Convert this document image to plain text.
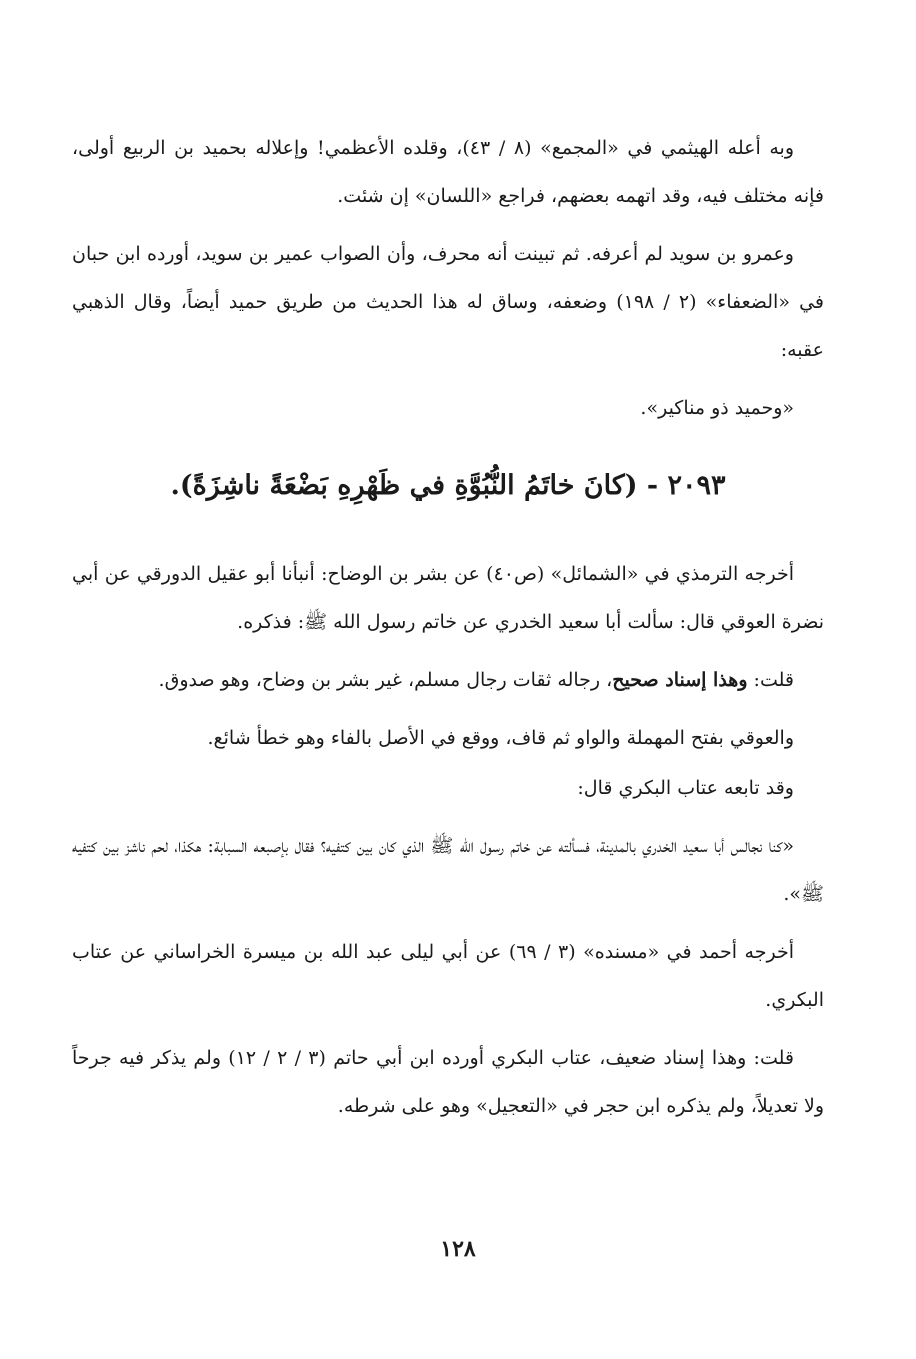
وبه أعله الهيثمي في «المجمع» (٨ / ٤٣)، وقلده الأعظمي! وإعلاله بحميد بن الربيع أولى، فإنه مختلف فيه، وقد اتهمه بعضهم، فراجع «اللسان» إن شئت.

وعمرو بن سويد لم أعرفه. ثم تبينت أنه محرف، وأن الصواب عمير بن سويد، أورده ابن حبان في «الضعفاء» (٢ / ١٩٨) وضعفه، وساق له هذا الحديث من طريق حميد أيضاً، وقال الذهبي عقبه:

«وحميد ذو مناكير».

٢٠٩٣ - (كانَ خاتَمُ النُّبُوَّةِ في ظَهْرِهِ بَضْعَةً ناشِزَةً).

أخرجه الترمذي في «الشمائل» (ص٤٠) عن بشر بن الوضاح: أنبأنا أبو عقيل الدورقي عن أبي نضرة العوقي قال: سألت أبا سعيد الخدري عن خاتم رسول الله ﷺ: فذكره.

قلت: وهذا إسناد صحيح، رجاله ثقات رجال مسلم، غير بشر بن وضاح، وهو صدوق.

والعوقي بفتح المهملة والواو ثم قاف، ووقع في الأصل بالفاء وهو خطأ شائع.

وقد تابعه عتاب البكري قال:

«كنا نجالس أبا سعيد الخدري بالمدينة، فسألته عن خاتم رسول الله ﷺ الذي كان بين كتفيه؟ فقال بإصبعه السبابة: هكذا، لحم ناشز بين كتفيه ﷺ».

أخرجه أحمد في «مسنده» (٣ / ٦٩) عن أبي ليلى عبد الله بن ميسرة الخراساني عن عتاب البكري.

قلت: وهذا إسناد ضعيف، عتاب البكري أورده ابن أبي حاتم (٣ / ٢ / ١٢) ولم يذكر فيه جرحاً ولا تعديلاً، ولم يذكره ابن حجر في «التعجيل» وهو على شرطه.

١٢٨
